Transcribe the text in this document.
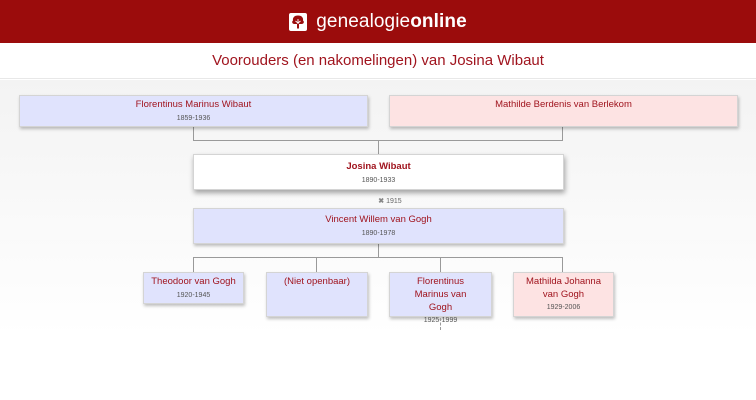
genealogieonline
Voorouders (en nakomelingen) van Josina Wibaut
Florentinus Marinus Wibaut
1859-1936
Mathilde Berdenis van Berlekom
Josina Wibaut
1890-1933
✖ 1915
Vincent Willem van Gogh
1890-1978
Theodoor van Gogh
1920-1945
(Niet openbaar)	Florentinus Marinus van Gogh
1925-1999
Mathilda Johanna van Gogh
1929-2006
